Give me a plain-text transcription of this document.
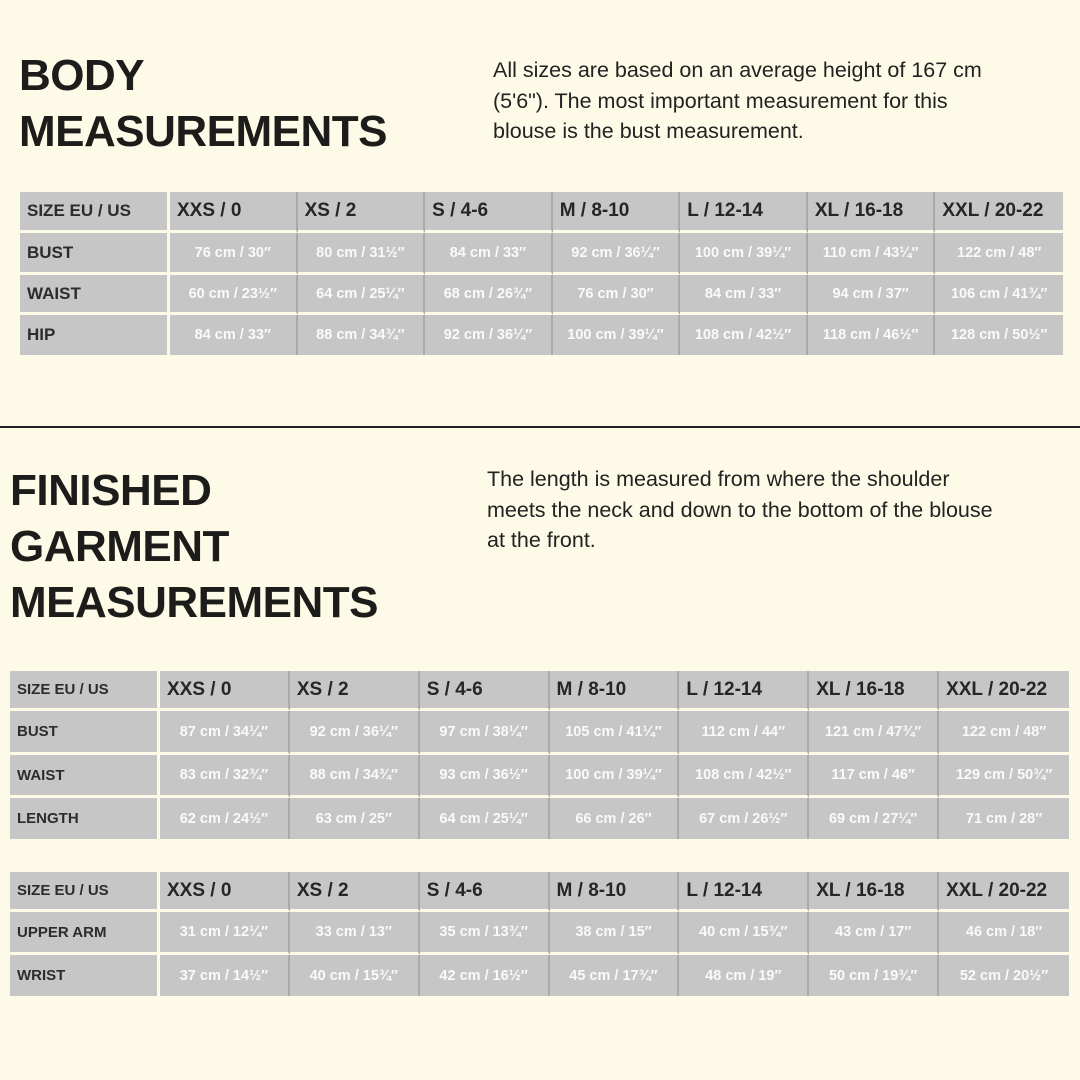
BODY
MEASUREMENTS

All sizes are based on an average height of 167 cm
(5'6"). The most important measurement for this
blouse is the bust measurement.

SIZE EU / US	XXS / 0	XS / 2	S / 4-6	M / 8-10	L / 12-14	XL / 16-18	XXL / 20-22
BUST	76 cm / 30″	80 cm / 31½″	84 cm / 33″	92 cm / 36¼″	100 cm / 39¼″	110 cm / 43¼″	122 cm / 48″
WAIST	60 cm / 23½″	64 cm / 25¼″	68 cm / 26¾″	76 cm / 30″	84 cm / 33″	94 cm / 37″	106 cm / 41¾″
HIP	84 cm / 33″	88 cm / 34¾″	92 cm / 36¼″	100 cm / 39¼″	108 cm / 42½″	118 cm / 46½″	128 cm / 50½″
FINISHED
GARMENT
MEASUREMENTS

The length is measured from where the shoulder
meets the neck and down to the bottom of the blouse
at the front.

SIZE EU / US	XXS / 0	XS / 2	S / 4-6	M / 8-10	L / 12-14	XL / 16-18	XXL / 20-22
BUST	87 cm / 34¼″	92 cm / 36¼″	97 cm / 38¼″	105 cm / 41¼″	112 cm / 44″	121 cm / 47¾″	122 cm / 48″
WAIST	83 cm / 32¾″	88 cm / 34¾″	93 cm / 36½″	100 cm / 39¼″	108 cm / 42½″	117 cm / 46″	129 cm / 50¾″
LENGTH	62 cm / 24½″	63 cm / 25″	64 cm / 25¼″	66 cm / 26″	67 cm / 26½″	69 cm / 27¼″	71 cm / 28″
SIZE EU / US	XXS / 0	XS / 2	S / 4-6	M / 8-10	L / 12-14	XL / 16-18	XXL / 20-22
UPPER ARM	31 cm / 12¼″	33 cm / 13″	35 cm / 13¾″	38 cm / 15″	40 cm / 15¾″	43 cm / 17″	46 cm / 18″
WRIST	37 cm / 14½″	40 cm / 15¾″	42 cm / 16½″	45 cm / 17¾″	48 cm / 19″	50 cm / 19¾″	52 cm / 20½″
